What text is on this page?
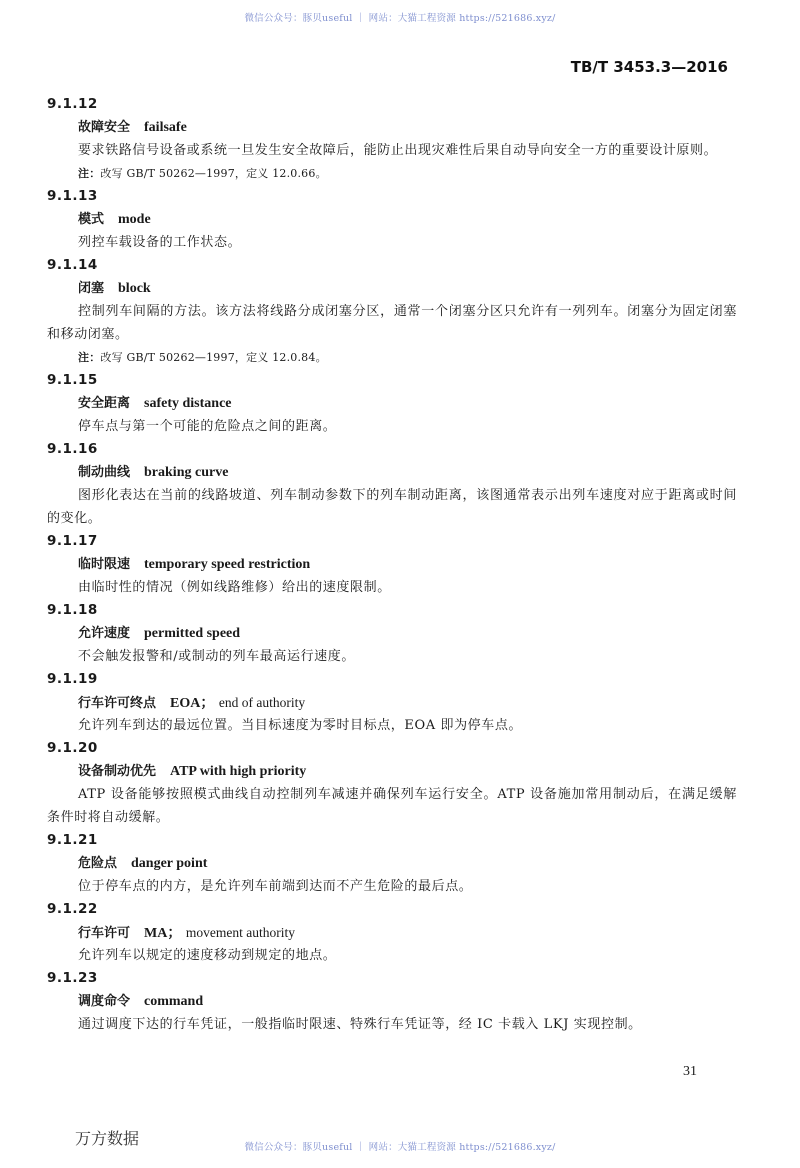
微信公众号：豚贝useful ｜ 网站：大猫工程资源 https://521686.xyz/
TB/T 3453.3—2016
9.1.12
故障安全 failsafe
要求铁路信号设备或系统一旦发生安全故障后，能防止出现灾难性后果自动导向安全一方的重要设计原则。
注：改写 GB/T 50262—1997，定义 12.0.66。
9.1.13
模式 mode
列控车载设备的工作状态。
9.1.14
闭塞 block
控制列车间隔的方法。该方法将线路分成闭塞分区，通常一个闭塞分区只允许有一列列车。闭塞分为固定闭塞和移动闭塞。
注：改写 GB/T 50262—1997，定义 12.0.84。
9.1.15
安全距离 safety distance
停车点与第一个可能的危险点之间的距离。
9.1.16
制动曲线 braking curve
图形化表达在当前的线路坡道、列车制动参数下的列车制动距离，该图通常表示出列车速度对应于距离或时间的变化。
9.1.17
临时限速 temporary speed restriction
由临时性的情况（例如线路维修）给出的速度限制。
9.1.18
允许速度 permitted speed
不会触发报警和/或制动的列车最高运行速度。
9.1.19
行车许可终点 EOA； end of authority
允许列车到达的最远位置。当目标速度为零时目标点，EOA 即为停车点。
9.1.20
设备制动优先 ATP with high priority
ATP 设备能够按照模式曲线自动控制列车减速并确保列车运行安全。ATP 设备施加常用制动后，在满足缓解条件时将自动缓解。
9.1.21
危险点 danger point
位于停车点的内方，是允许列车前端到达而不产生危险的最后点。
9.1.22
行车许可 MA； movement authority
允许列车以规定的速度移动到规定的地点。
9.1.23
调度命令 command
通过调度下达的行车凭证，一般指临时限速、特殊行车凭证等，经 IC 卡载入 LKJ 实现控制。
31
万方数据	微信公众号：豚贝useful ｜ 网站：大猫工程资源 https://521686.xyz/
